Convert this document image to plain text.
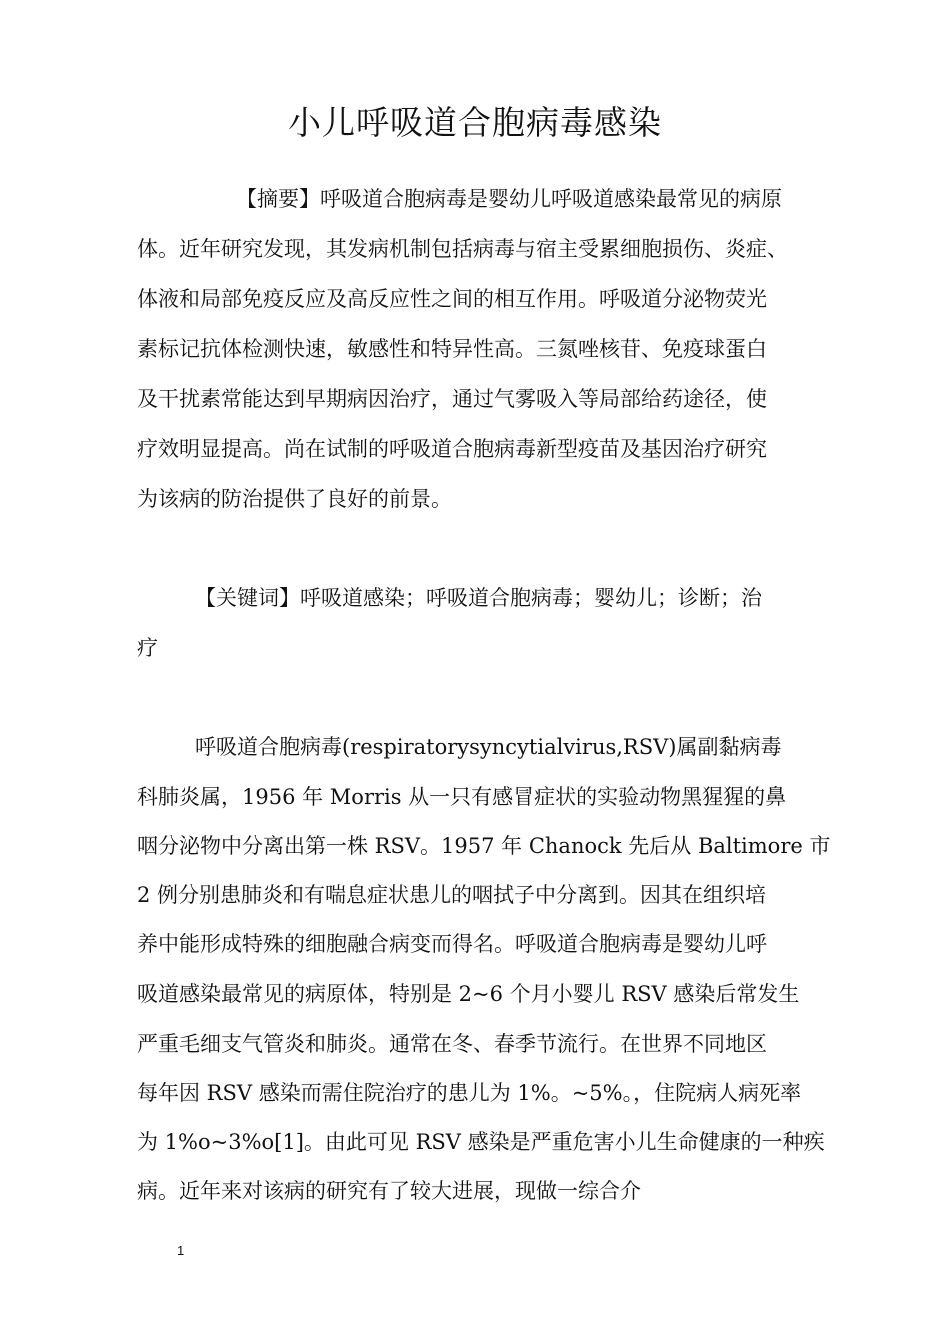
小儿呼吸道合胞病毒感染
【摘要】呼吸道合胞病毒是婴幼儿呼吸道感染最常见的病原
体。近年研究发现，其发病机制包括病毒与宿主受累细胞损伤、炎症、
体液和局部免疫反应及高反应性之间的相互作用。呼吸道分泌物荧光
素标记抗体检测快速，敏感性和特异性高。三氮唑核苷、免疫球蛋白
及干扰素常能达到早期病因治疗，通过气雾吸入等局部给药途径，使
疗效明显提高。尚在试制的呼吸道合胞病毒新型疫苗及基因治疗研究
为该病的防治提供了良好的前景。
【关键词】呼吸道感染；呼吸道合胞病毒；婴幼儿；诊断；治
疗
呼吸道合胞病毒(respiratorysyncytialvirus,RSV)属副黏病毒
科肺炎属，1956 年 Morris 从一只有感冒症状的实验动物黑猩猩的鼻
咽分泌物中分离出第一株 RSV。1957 年 Chanock 先后从 Baltimore 市
2 例分别患肺炎和有喘息症状患儿的咽拭子中分离到。因其在组织培
养中能形成特殊的细胞融合病变而得名。呼吸道合胞病毒是婴幼儿呼
吸道感染最常见的病原体，特别是 2~6 个月小婴儿 RSV 感染后常发生
严重毛细支气管炎和肺炎。通常在冬、春季节流行。在世界不同地区
每年因 RSV 感染而需住院治疗的患儿为 1%。~5%。，住院病人病死率
为 1%o~3%o[1]。由此可见 RSV 感染是严重危害小儿生命健康的一种疾
病。近年来对该病的研究有了较大进展，现做一综合介
1
